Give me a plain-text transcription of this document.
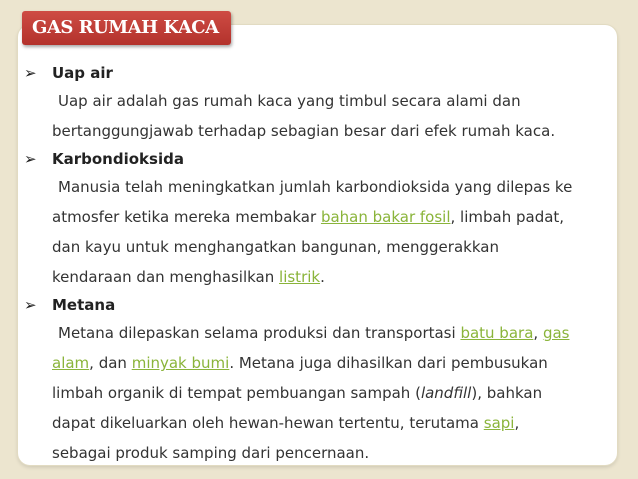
GAS RUMAH KACA
➢	Uap air
Uap air adalah gas rumah kaca yang timbul secara alami dan
bertanggungjawab terhadap sebagian besar dari efek rumah kaca.
➢	Karbondioksida
Manusia telah meningkatkan jumlah karbondioksida yang dilepas ke
atmosfer ketika mereka membakar bahan bakar fosil, limbah padat,
dan kayu untuk menghangatkan bangunan, menggerakkan
kendaraan dan menghasilkan listrik.
➢	Metana
Metana dilepaskan selama produksi dan transportasi batu bara, gas
alam, dan minyak bumi. Metana juga dihasilkan dari pembusukan
limbah organik di tempat pembuangan sampah (landfill), bahkan
dapat dikeluarkan oleh hewan-hewan tertentu, terutama sapi,
sebagai produk samping dari pencernaan.
